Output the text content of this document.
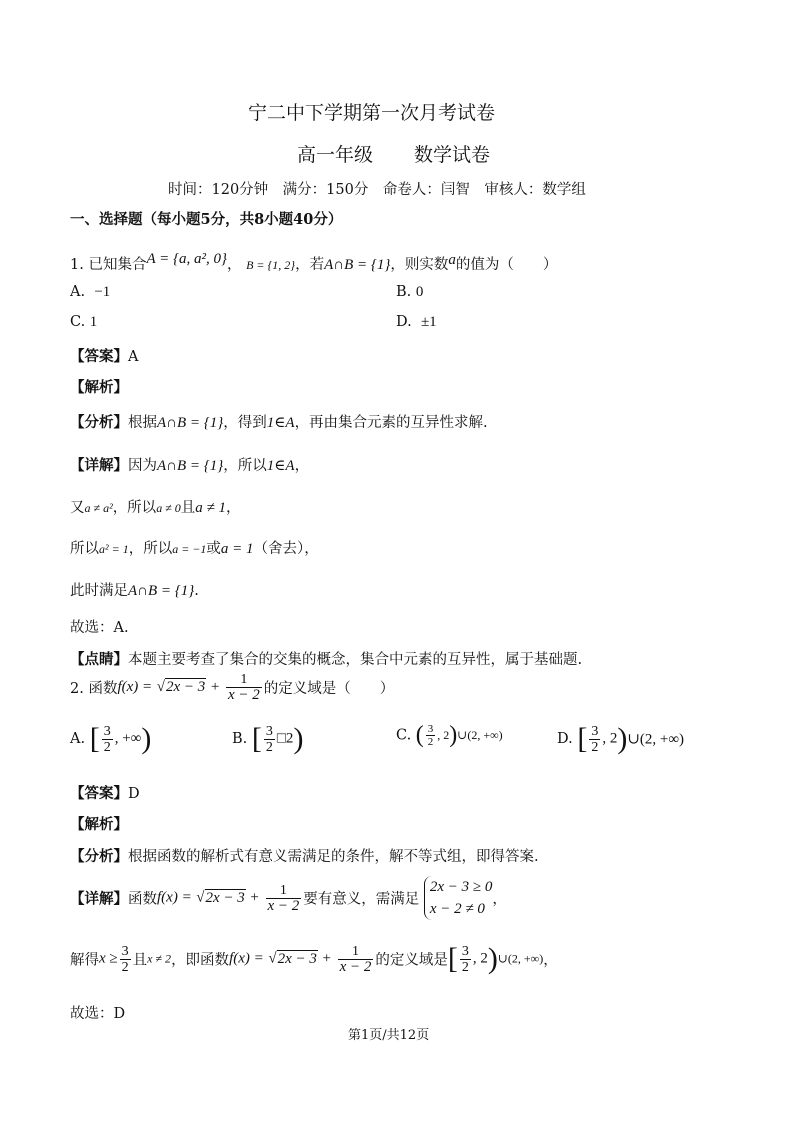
宁二中下学期第一次月考试卷
高一年级 数学试卷
时间：120分钟　满分：150分　命卷人：闫智　审核人：数学组
一、选择题（每小题5分，共8小题40分）
1. 已知集合A = {a, a², 0}， B = {1, 2}，若A∩B = {1}，则实数a的值为（　　）
A. −1	B. 0
C. 1	D. ±1
【答案】A
【解析】
【分析】根据A∩B = {1}，得到1∈A，再由集合元素的互异性求解.
【详解】因为A∩B = {1}，所以1∈A，
又a ≠ a²，所以a ≠ 0且a ≠ 1，
所以a² = 1，所以a = −1或a = 1（舍去），
此时满足A∩B = {1}.
故选：A.
【点睛】本题主要考查了集合的交集的概念，集合中元素的互异性，属于基础题.
2. 函数$f(x) = √2x - 3 + \frac{1}{x - 2}$ 的定义域是（　　）
A. [ $\frac{3}{2}$ , +∞)	B. [ $\frac{3}{2}$ □2)	C. ( $\frac{3}{2}$ , 2)∪(2, +∞)	D. [ $\frac{3}{2}$ , 2)∪(2, +∞)
【答案】D
【解析】
【分析】根据函数的解析式有意义需满足的条件，解不等式组，即得答案.
【详解】函数$f(x) = √2x - 3 + \frac{1}{x - 2}$ 要有意义，需满足
2x − 3 ≥ 0
x − 2 ≠ 0
，
解得$x \ge \frac{3}{2}$ 且x ≠ 2，即函数$f(x) = √2x - 3 + \frac{1}{x - 2}$ 的定义域是[ $\frac{3}{2}$ , 2)∪(2, +∞)，
故选：D
第1页/共12页
